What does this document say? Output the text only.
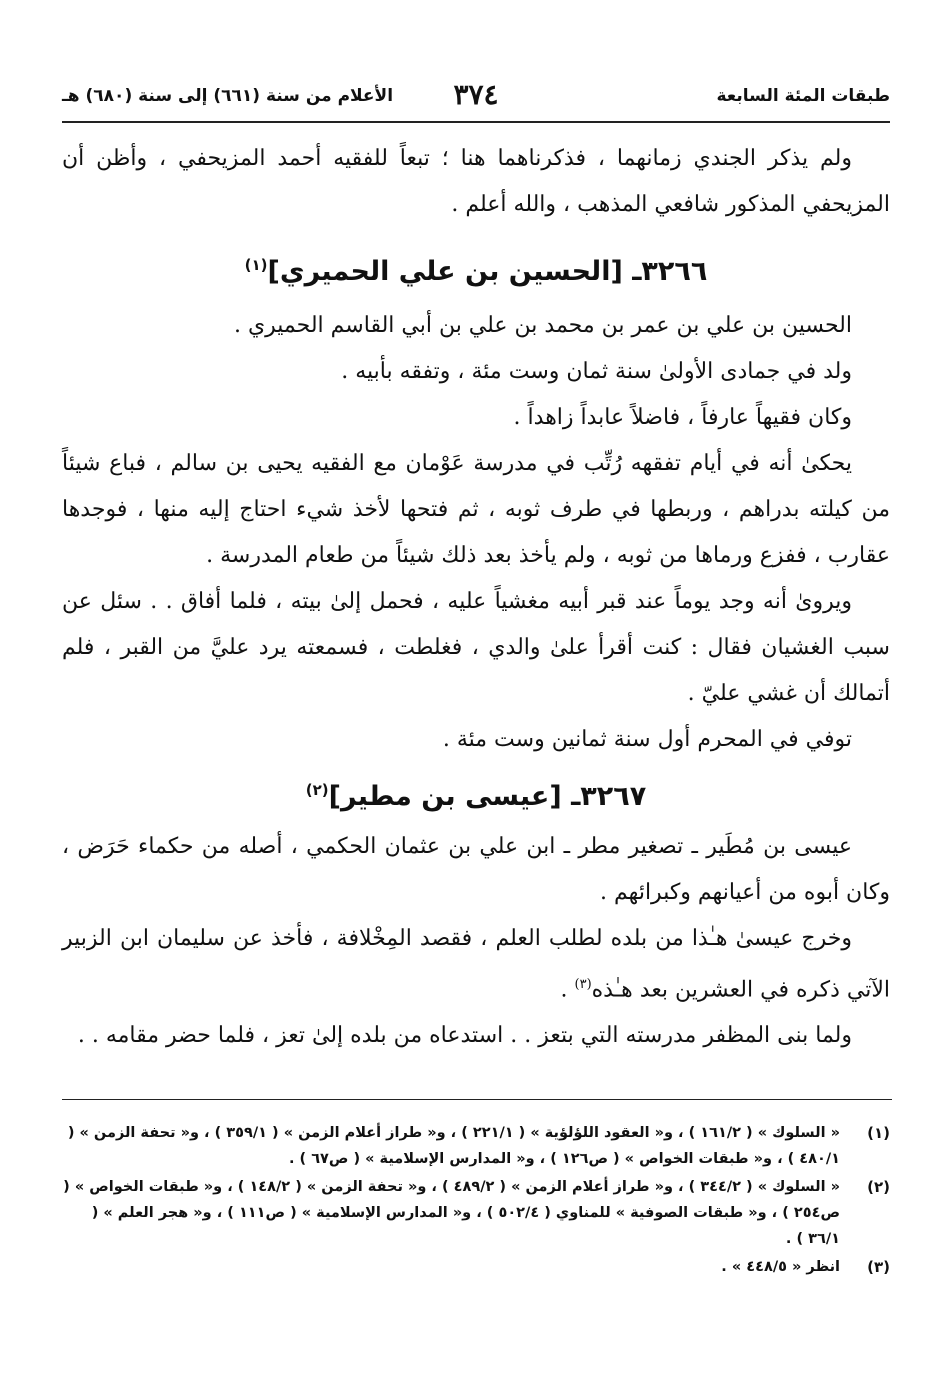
طبقات المئة السابعة
٣٧٤
الأعلام من سنة (٦٦١) إلى سنة (٦٨٠) هـ

ولم يذكر الجندي زمانهما ، فذكرناهما هنا ؛ تبعاً للفقيه أحمد المزيحفي ، وأظن أن المزيحفي المذكور شافعي المذهب ، والله أعلم .

٣٢٦٦ـ [الحسين بن علي الحميري]$^{(١)}$

الحسين بن علي بن عمر بن محمد بن علي بن أبي القاسم الحميري .

ولد في جمادى الأولىٰ سنة ثمان وست مئة ، وتفقه بأبيه .

وكان فقيهاً عارفاً ، فاضلاً عابداً زاهداً .

يحكىٰ أنه في أيام تفقهه رُتِّب في مدرسة عَوْمان مع الفقيه يحيى بن سالم ، فباع شيئاً من كيلته بدراهم ، وربطها في طرف ثوبه ، ثم فتحها لأخذ شيء احتاج إليه منها ، فوجدها عقارب ، ففزع ورماها من ثوبه ، ولم يأخذ بعد ذلك شيئاً من طعام المدرسة .

ويروىٰ أنه وجد يوماً عند قبر أبيه مغشياً عليه ، فحمل إلىٰ بيته ، فلما أفاق . . سئل عن سبب الغشيان فقال : كنت أقرأ علىٰ والدي ، فغلطت ، فسمعته يرد عليَّ من القبر ، فلم أتمالك أن غشي عليّ .

توفي في المحرم أول سنة ثمانين وست مئة .

٣٢٦٧ـ [عيسى بن مطير]$^{(٢)}$

عيسى بن مُطَير ـ تصغير مطر ـ ابن علي بن عثمان الحكمي ، أصله من حكماء حَرَض ، وكان أبوه من أعيانهم وكبرائهم .

وخرج عيسىٰ هـٰذا من بلده لطلب العلم ، فقصد المِخْلافة ، فأخذ عن سليمان ابن الزبير الآتي ذكره في العشرين بعد هـٰذه$^{(٣)}$ .

ولما بنى المظفر مدرسته التي بتعز . . استدعاه من بلده إلىٰ تعز ، فلما حضر مقامه . .

(١)
« السلوك » ( ١٦١/٢ ) ، و« العقود اللؤلؤية » ( ٢٢١/١ ) ، و« طراز أعلام الزمن » ( ٣٥٩/١ ) ، و« تحفة الزمن » ( ٤٨٠/١ ) ، و« طبقات الخواص » ( ص١٢٦ ) ، و« المدارس الإسلامية » ( ص٦٧ ) .
(٢)
« السلوك » ( ٣٤٤/٢ ) ، و« طراز أعلام الزمن » ( ٤٨٩/٢ ) ، و« تحفة الزمن » ( ١٤٨/٢ ) ، و« طبقات الخواص » ( ص٢٥٤ ) ، و« طبقات الصوفية » للمناوي ( ٥٠٢/٤ ) ، و« المدارس الإسلامية » ( ص١١١ ) ، و« هجر العلم » ( ٣٦/١ ) .
(٣)
انظر « ٤٤٨/٥ » .
